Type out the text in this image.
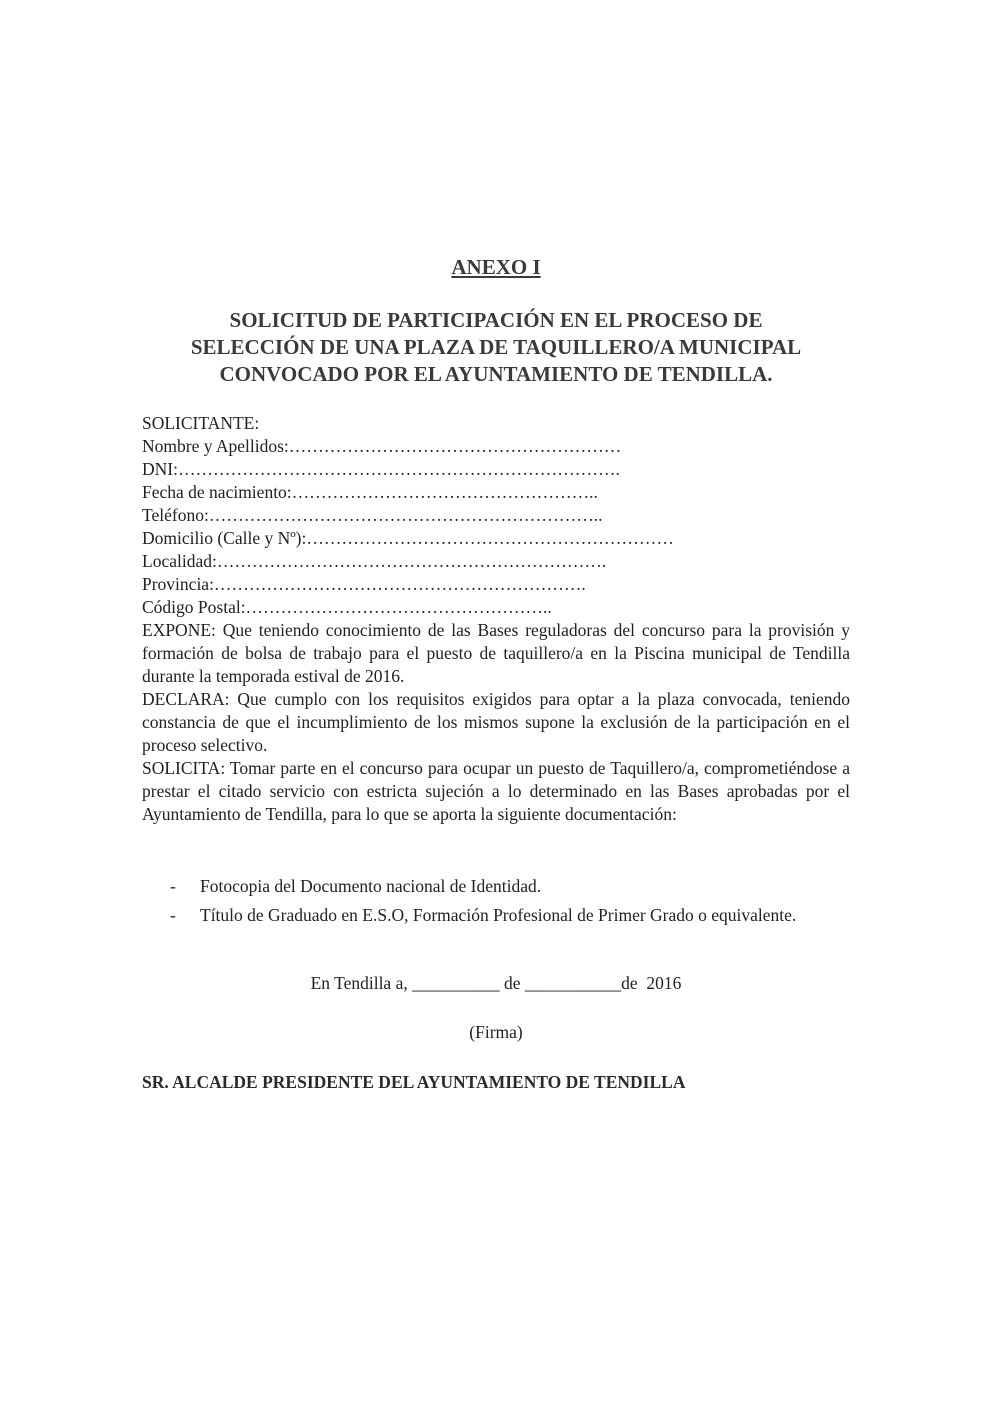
ANEXO I
SOLICITUD DE PARTICIPACIÓN EN EL PROCESO DE
SELECCIÓN DE UNA PLAZA DE TAQUILLERO/A MUNICIPAL
CONVOCADO POR EL AYUNTAMIENTO DE TENDILLA.
SOLICITANTE:
Nombre y Apellidos:…………………………………………………
DNI:………………………………………………………………….
Fecha de nacimiento:……………………………………………..
Teléfono:…………………………………………………………..
Domicilio (Calle y Nº):………………………………………………………
Localidad:………………………………………………………….
Provincia:……………………………………………………….
Código Postal:……………………………………………..
EXPONE: Que teniendo conocimiento de las Bases reguladoras del concurso para la provisión y formación de bolsa de trabajo para el puesto de taquillero/a en la Piscina municipal de Tendilla durante la temporada estival de 2016.
DECLARA: Que cumplo con los requisitos exigidos para optar a la plaza convocada, teniendo constancia de que el incumplimiento de los mismos supone la exclusión de la participación en el proceso selectivo.
SOLICITA: Tomar parte en el concurso para ocupar un puesto de Taquillero/a, comprometiéndose a prestar el citado servicio con estricta sujeción a lo determinado en las Bases aprobadas por el Ayuntamiento de Tendilla, para lo que se aporta la siguiente documentación:
- Fotocopia del Documento nacional de Identidad.
- Título de Graduado en E.S.O, Formación Profesional de Primer Grado o equivalente.
En Tendilla a, __________ de ___________de  2016
(Firma)
SR. ALCALDE PRESIDENTE DEL AYUNTAMIENTO DE TENDILLA
